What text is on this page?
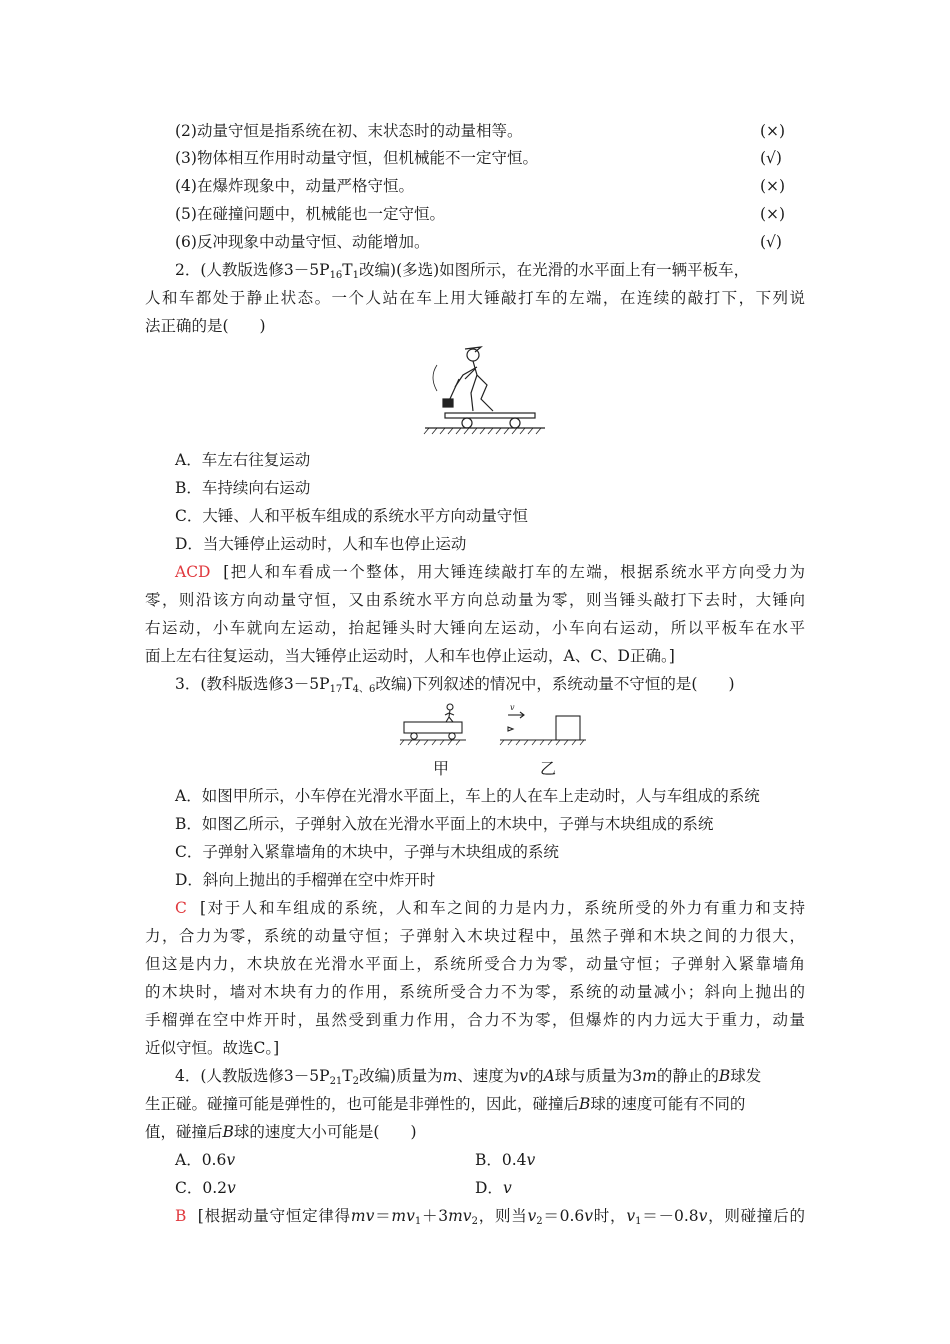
(2)动量守恒是指系统在初、末状态时的动量相等。	(×)
(3)物体相互作用时动量守恒，但机械能不一定守恒。	(√)
(4)在爆炸现象中，动量严格守恒。	(×)
(5)在碰撞问题中，机械能也一定守恒。	(×)
(6)反冲现象中动量守恒、动能增加。	(√)
2．(人教版选修$3-5P_{16}T_1$改编)(多选)如图所示，在光滑的水平面上有一辆平板车，
人和车都处于静止状态。一个人站在车上用大锤敲打车的左端，在连续的敲打下，下列说
法正确的是(　　)
A．车左右往复运动
B．车持续向右运动
C．大锤、人和平板车组成的系统水平方向动量守恒
D．当大锤停止运动时，人和车也停止运动
ACD [把人和车看成一个整体，用大锤连续敲打车的左端，根据系统水平方向受力为
零，则沿该方向动量守恒，又由系统水平方向总动量为零，则当锤头敲打下去时，大锤向
右运动，小车就向左运动，抬起锤头时大锤向左运动，小车向右运动，所以平板车在水平
面上左右往复运动，当大锤停止运动时，人和车也停止运动，A、C、D正确。]
3．(教科版选修$3-5P_{17}T_{4、6}$改编)下列叙述的情况中，系统动量不守恒的是(　　)
v
甲	乙
A．如图甲所示，小车停在光滑水平面上，车上的人在车上走动时，人与车组成的系统
B．如图乙所示，子弹射入放在光滑水平面上的木块中，子弹与木块组成的系统
C．子弹射入紧靠墙角的木块中，子弹与木块组成的系统
D．斜向上抛出的手榴弹在空中炸开时
C [对于人和车组成的系统，人和车之间的力是内力，系统所受的外力有重力和支持
力，合力为零，系统的动量守恒；子弹射入木块过程中，虽然子弹和木块之间的力很大，
但这是内力，木块放在光滑水平面上，系统所受合力为零，动量守恒；子弹射入紧靠墙角
的木块时，墙对木块有力的作用，系统所受合力不为零，系统的动量减小；斜向上抛出的
手榴弹在空中炸开时，虽然受到重力作用，合力不为零，但爆炸的内力远大于重力，动量
近似守恒。故选C。]
4．(人教版选修$3-5P_{21}T_2$改编)质量为m、速度为v的A球与质量为3m的静止的B球发
生正碰。碰撞可能是弹性的，也可能是非弹性的，因此，碰撞后B球的速度可能有不同的
值，碰撞后B球的速度大小可能是(　　)
A．0.6v	B．0.4v
C．0.2v	D．v
B [根据动量守恒定律得$mv=mv_1+3mv_2$，则当$v_2=0.6v$时，$v_1=-0.8v$，则碰撞后的
